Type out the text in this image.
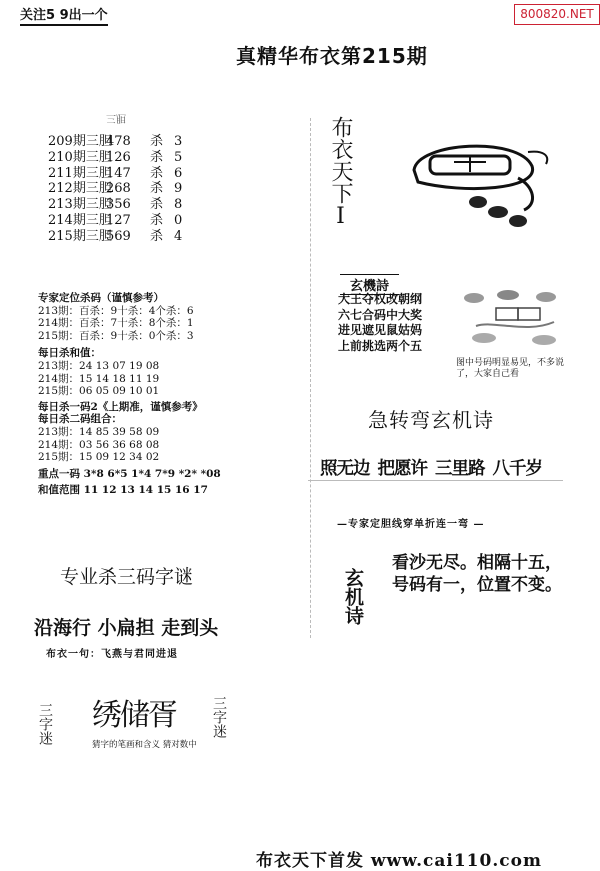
关注5 9出一个	800820.NET
真精华布衣第215期
三胆
209期三胆478 杀 3
210期三胆126 杀 5
211期三胆147 杀 6
212期三胆268 杀 9
213期三胆356 杀 8
214期三胆127 杀 0
215期三胆569 杀 4
专家定位杀码（谨慎参考）
213期：百杀：9十杀：4个杀：6
214期：百杀：7十杀：8个杀：1
215期：百杀：9十杀：0个杀：3
每日杀和值：
213期：24 13 07 19 08
214期：15 14 18 11 19
215期：06 05 09 10 01
每日杀一码2《上期准，谨慎参考》
每日杀二码组合：
213期：14 85 39 58 09
214期：03 56 36 68 08
215期：15 09 12 34 02
重点一码 3*8 6*5 1*4 7*9 *2* *08
和值范围 11 12 13 14 15 16 17
专业杀三码字谜
沿海行 小扁担 走到头
布衣一句：飞燕与君同进退
三字迷 绣储胥	三字迷
猜字的笔画和含义 猜对数中
布衣天下I
玄機詩
大王夺权改朝纲
六七合码中大奖
进见遮见鼠姑妈
上前挑选两个五
图中号码明显易见，不多说了，大家自己看
急转弯玄机诗
照无边 把愿许 三里路 八千岁
—专家定胆线穿单折连一弯 —
玄机诗
看沙无尽。相隔十五，
号码有一，位置不变。
布衣天下首发 www.cai110.com
